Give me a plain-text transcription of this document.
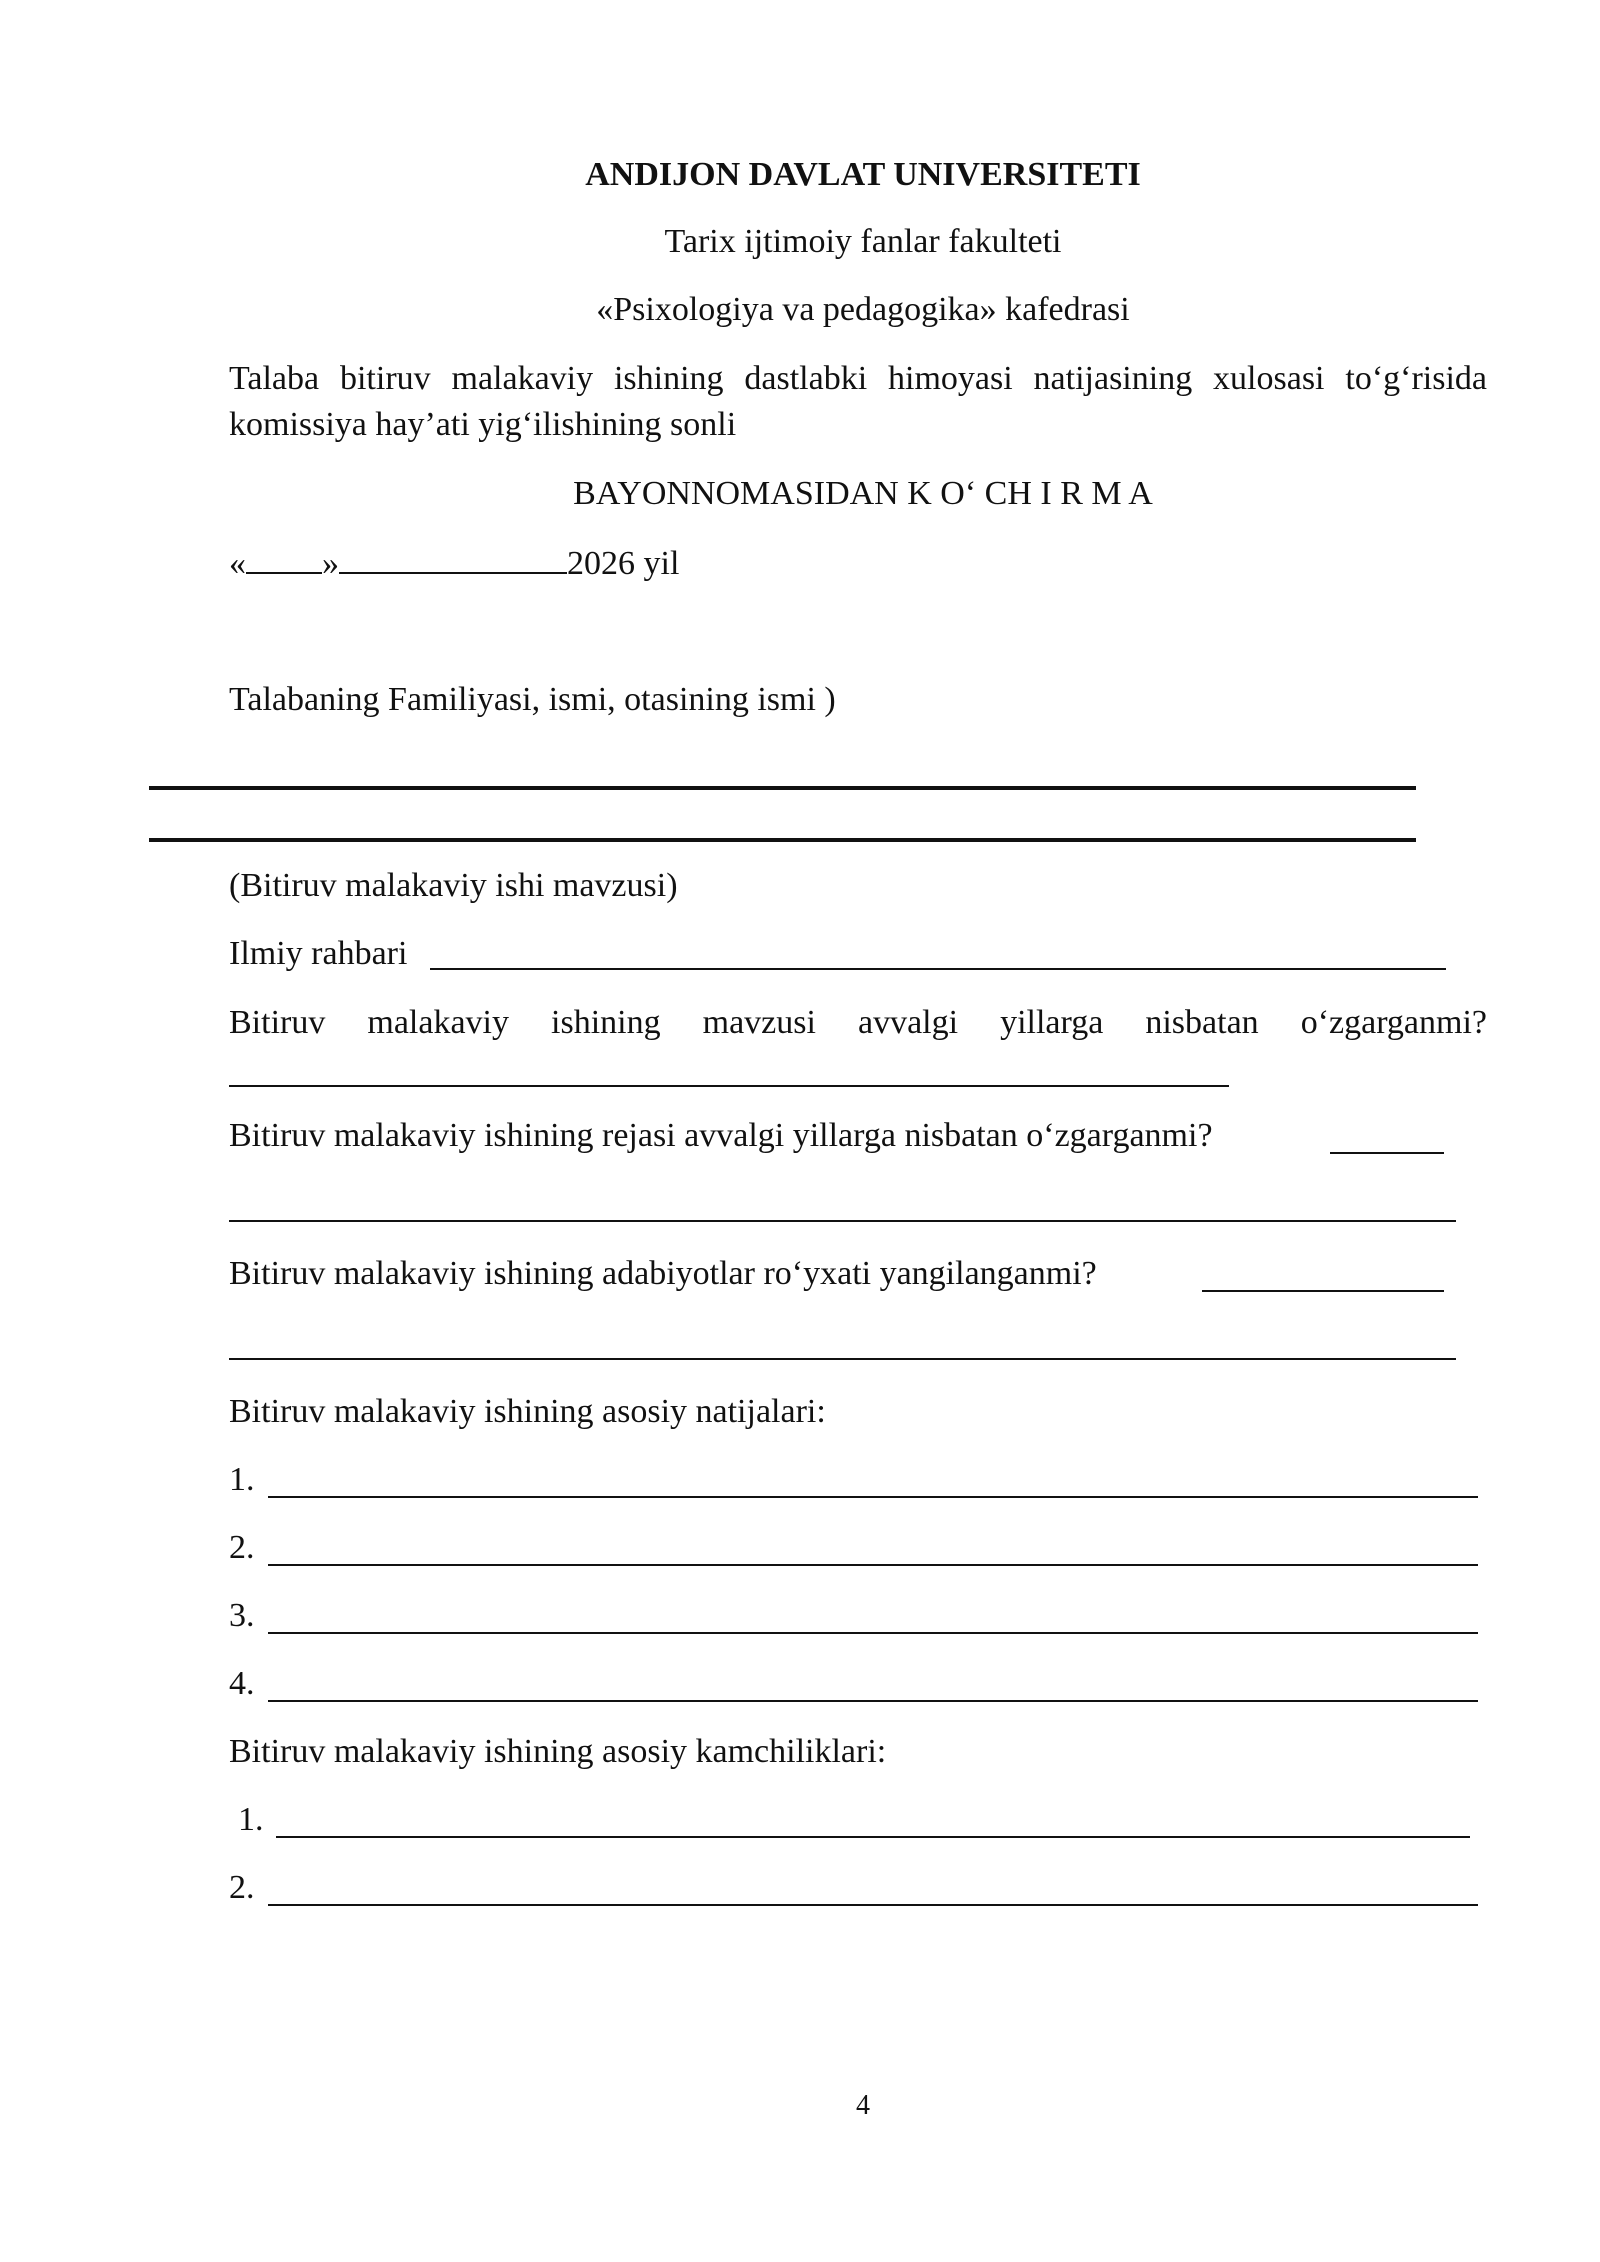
ANDIJON DAVLAT UNIVERSITETI
Tarix ijtimoiy fanlar fakulteti
«Psixologiya va pedagogika» kafedrasi
Talaba bitiruv malakaviy ishining dastlabki himoyasi natijasining xulosasi to‘g‘risida komissiya hay’ati yig‘ilishining sonli
BAYONNOMASIDAN K O‘ CH I R M A
« »	2026 yil
Talabaning Familiyasi, ismi, otasining ismi )
(Bitiruv malakaviy ishi mavzusi)
Ilmiy rahbari
Bitiruv malakaviy ishining mavzusi avvalgi yillarga nisbatan o‘zgarganmi?
Bitiruv malakaviy ishining rejasi avvalgi yillarga nisbatan o‘zgarganmi?
Bitiruv malakaviy ishining adabiyotlar ro‘yxati yangilanganmi?
Bitiruv malakaviy ishining asosiy natijalari:
1.
2.
3.
4.
Bitiruv malakaviy ishining asosiy kamchiliklari:
1.
2.
4
